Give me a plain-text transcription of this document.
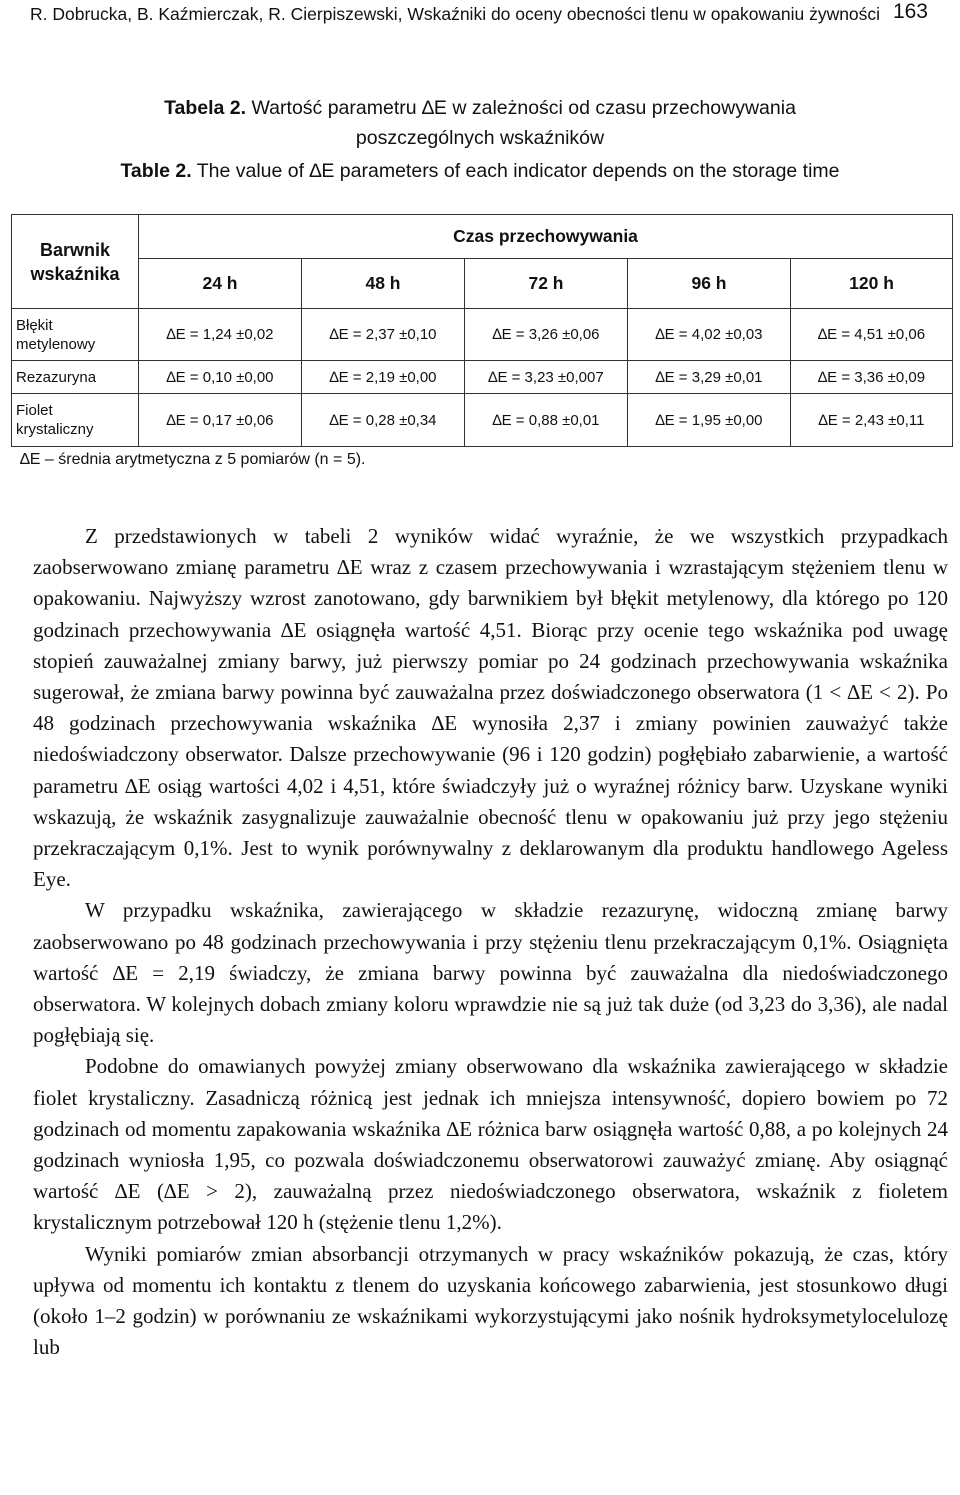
R. Dobrucka, B. Kaźmierczak, R. Cierpiszewski, Wskaźniki do oceny obecności tlenu w opakowaniu żywności 163
Tabela 2. Wartość parametru ∆E w zależności od czasu przechowywania
poszczególnych wskaźników
Table 2. The value of ∆E parameters of each indicator depends on the storage time
Barwnik wskaźnika	Czas przechowywania				
	24 h	48 h	72 h	96 h	120 h
Błękit metylenowy	∆E = 1,24 ±0,02	∆E = 2,37 ±0,10	∆E = 3,26 ±0,06	∆E = 4,02 ±0,03	∆E = 4,51 ±0,06
Rezazuryna	∆E = 0,10 ±0,00	∆E = 2,19 ±0,00	∆E = 3,23 ±0,007	∆E = 3,29 ±0,01	∆E = 3,36 ±0,09
Fiolet krystaliczny	∆E = 0,17 ±0,06	∆E = 0,28 ±0,34	∆E = 0,88 ±0,01	∆E = 1,95 ±0,00	∆E = 2,43 ±0,11
∆E – średnia arytmetyczna z 5 pomiarów (n = 5).

Z przedstawionych w tabeli 2 wyników widać wyraźnie, że we wszystkich przypadkach zaobserwowano zmianę parametru ∆E wraz z czasem przechowywania i wzrastającym stężeniem tlenu w opakowaniu. Najwyższy wzrost zanotowano, gdy barwnikiem był błękit metylenowy, dla którego po 120 godzinach przechowywania ∆E osiągnęła wartość 4,51. Biorąc przy ocenie tego wskaźnika pod uwagę stopień zauważalnej zmiany barwy, już pierwszy pomiar po 24 godzinach przechowywania wskaźnika sugerował, że zmiana barwy powinna być zauważalna przez doświadczonego obserwatora (1 < ∆E < 2). Po 48 godzinach przechowywania wskaźnika ∆E wynosiła 2,37 i zmiany powinien zauważyć także niedoświadczony obserwator. Dalsze przechowywanie (96 i 120 godzin) pogłębiało zabarwienie, a wartość parametru ∆E osiąg wartości 4,02 i 4,51, które świadczyły już o wyraźnej różnicy barw. Uzyskane wyniki wskazują, że wskaźnik zasygnalizuje zauważalnie obecność tlenu w opakowaniu już przy jego stężeniu przekraczającym 0,1%. Jest to wynik porównywalny z deklarowanym dla produktu handlowego Ageless Eye.

W przypadku wskaźnika, zawierającego w składzie rezazurynę, widoczną zmianę barwy zaobserwowano po 48 godzinach przechowywania i przy stężeniu tlenu przekraczającym 0,1%. Osiągnięta wartość ∆E = 2,19 świadczy, że zmiana barwy powinna być zauważalna dla niedoświadczonego obserwatora. W kolejnych dobach zmiany koloru wprawdzie nie są już tak duże (od 3,23 do 3,36), ale nadal pogłębiają się.

Podobne do omawianych powyżej zmiany obserwowano dla wskaźnika zawierającego w składzie fiolet krystaliczny. Zasadniczą różnicą jest jednak ich mniejsza intensywność, dopiero bowiem po 72 godzinach od momentu zapakowania wskaźnika ∆E różnica barw osiągnęła wartość 0,88, a po kolejnych 24 godzinach wyniosła 1,95, co pozwala doświadczonemu obserwatorowi zauważyć zmianę. Aby osiągnąć wartość ∆E (∆E > 2), zauważalną przez niedoświadczonego obserwatora, wskaźnik z fioletem krystalicznym potrzebował 120 h (stężenie tlenu 1,2%).

Wyniki pomiarów zmian absorbancji otrzymanych w pracy wskaźników pokazują, że czas, który upływa od momentu ich kontaktu z tlenem do uzyskania końcowego zabarwienia, jest stosunkowo długi (około 1–2 godzin) w porównaniu ze wskaźnikami wykorzystującymi jako nośnik hydroksymetylocelulozę lub
